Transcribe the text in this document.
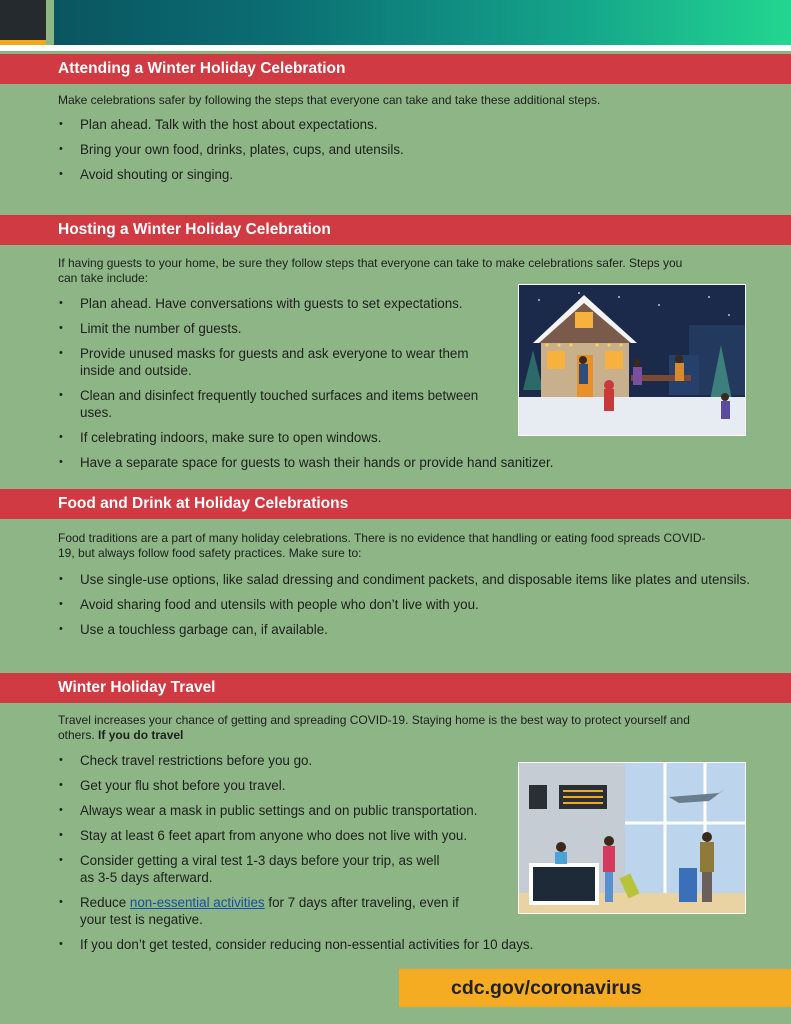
Attending a Winter Holiday Celebration
Make celebrations safer by following the steps that everyone can take and take these additional steps.
• Plan ahead. Talk with the host about expectations.
• Bring your own food, drinks, plates, cups, and utensils.
• Avoid shouting or singing.
Hosting a Winter Holiday Celebration
If having guests to your home, be sure they follow steps that everyone can take to make celebrations safer. Steps you can take include:
• Plan ahead. Have conversations with guests to set expectations.
• Limit the number of guests.
• Provide unused masks for guests and ask everyone to wear them inside and outside.
• Clean and disinfect frequently touched surfaces and items between uses.
• If celebrating indoors, make sure to open windows.
• Have a separate space for guests to wash their hands or provide hand sanitizer.
Food and Drink at Holiday Celebrations
Food traditions are a part of many holiday celebrations. There is no evidence that handling or eating food spreads COVID-19, but always follow food safety practices. Make sure to:
• Use single-use options, like salad dressing and condiment packets, and disposable items like plates and utensils.
• Avoid sharing food and utensils with people who don’t live with you.
• Use a touchless garbage can, if available.
Winter Holiday Travel
Travel increases your chance of getting and spreading COVID-19. Staying home is the best way to protect yourself and others. If you do travel
• Check travel restrictions before you go.
• Get your flu shot before you travel.
• Always wear a mask in public settings and on public transportation.
• Stay at least 6 feet apart from anyone who does not live with you.
• Consider getting a viral test 1-3 days before your trip, as well as 3-5 days afterward.
• Reduce non-essential activities for 7 days after traveling, even if your test is negative.
• If you don’t get tested, consider reducing non-essential activities for 10 days.
cdc.gov/coronavirus
